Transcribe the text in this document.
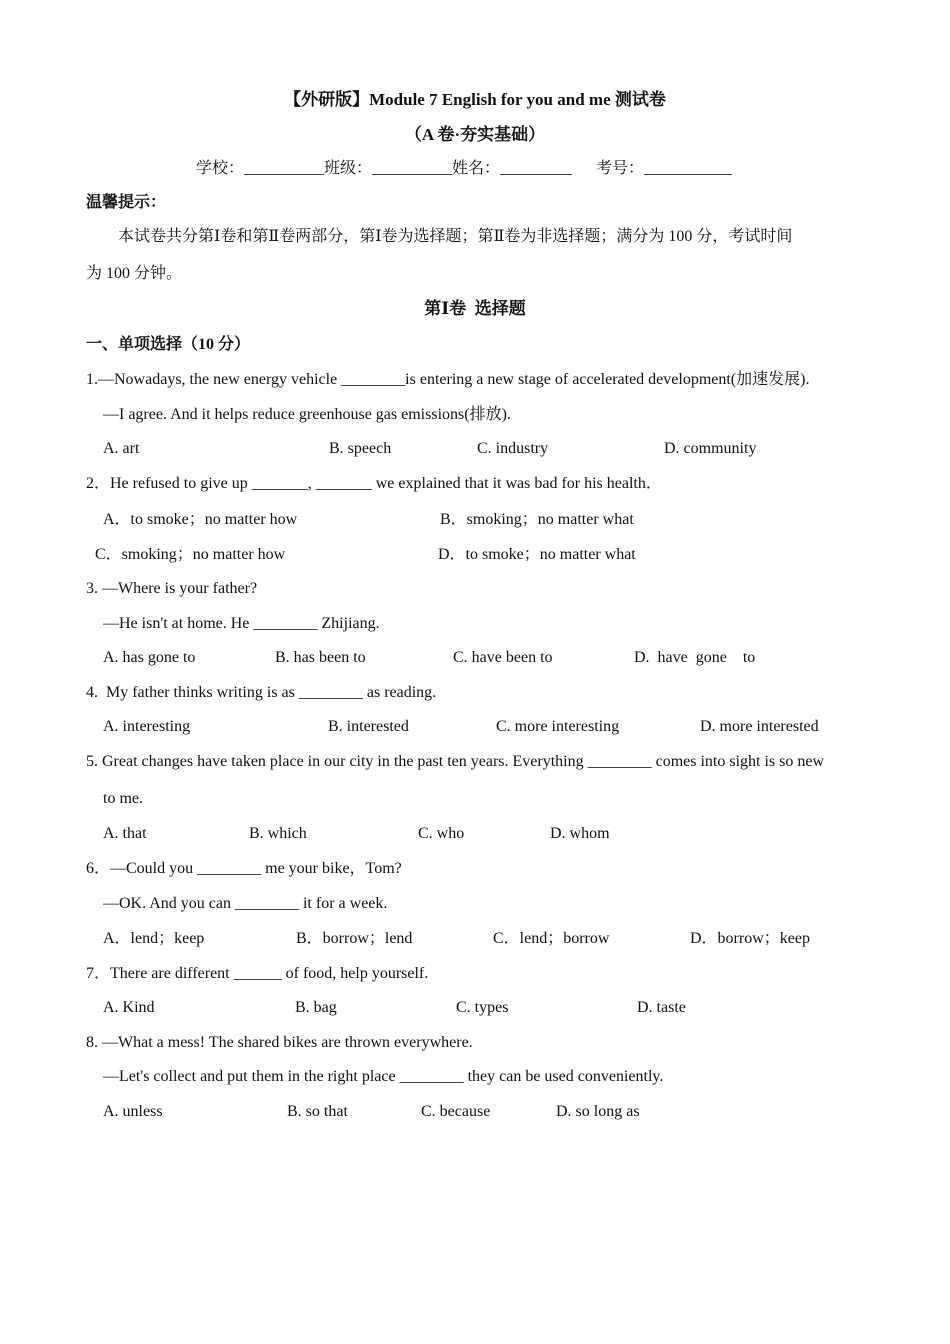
【外研版】Module 7 English for you and me 测试卷
（A 卷·夯实基础）
学校：__________班级：__________姓名：_________      考号：___________
温馨提示：
本试卷共分第Ⅰ卷和第Ⅱ卷两部分，第Ⅰ卷为选择题；第Ⅱ卷为非选择题；满分为 100 分，考试时间
为 100 分钟。
第Ⅰ卷  选择题
一、单项选择（10 分）
1.—Nowadays, the new energy vehicle ________is entering a new stage of accelerated development(加速发展).
—I agree. And it helps reduce greenhouse gas emissions(排放).
A. art	B. speech	C. industry	D. community
2．He refused to give up _______, _______ we explained that it was bad for his health．
A．to smoke；no matter how	B．smoking；no matter what
C．smoking；no matter how	D．to smoke；no matter what
3. —Where is your father?
—He isn't at home. He ________ Zhijiang.
A. has gone to	B. has been to	C. have been to	D.  have  gone    to
4.  My father thinks writing is as ________ as reading.
A. interesting	B. interested	C. more interesting	D. more interested
5. Great changes have taken place in our city in the past ten years. Everything ________ comes into sight is so new
to me.
A. that	B. which	C. who	D. whom
6．—Could you ________ me your bike，Tom?
—OK. And you can ________ it for a week.
A．lend；keep	B．borrow；lend	C．lend；borrow	D．borrow；keep
7．There are different ______ of food, help yourself.
A. Kind	B. bag	C. types	D. taste
8. —What a mess! The shared bikes are thrown everywhere.
—Let's collect and put them in the right place ________ they can be used conveniently.
A. unless	B. so that	C. because	D. so long as
